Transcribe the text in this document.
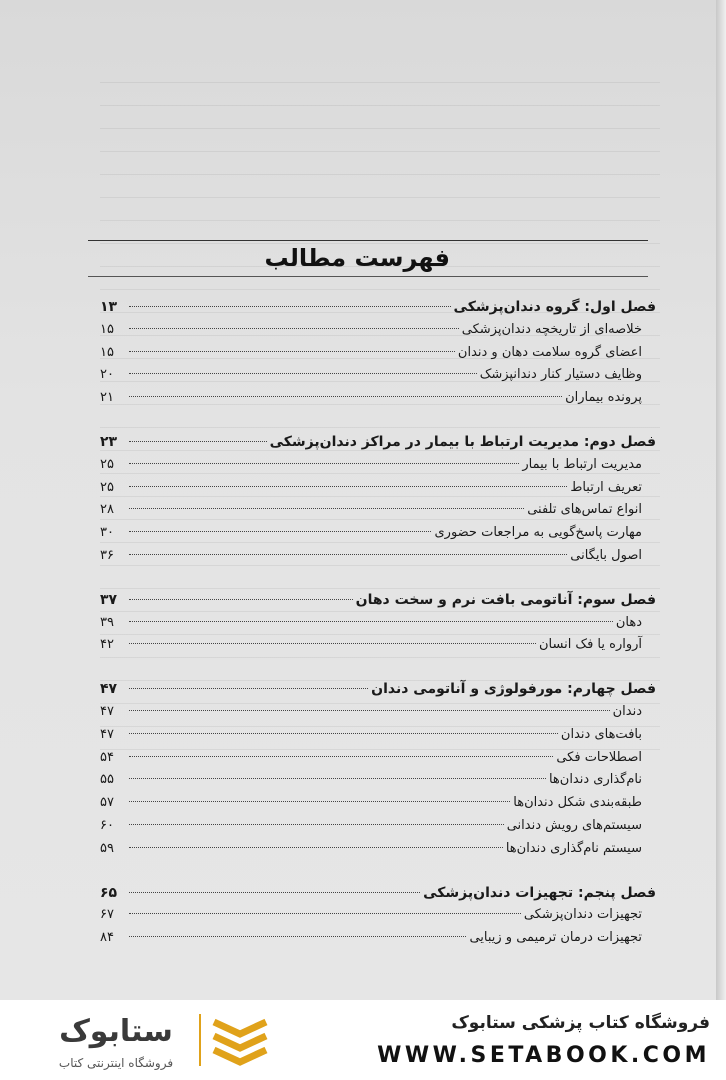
فهرست مطالب
فصل اول: گروه دندان‌پزشکی
۱۳
خلاصه‌ای از تاریخچه دندان‌پزشکی
۱۵
اعضای گروه سلامت دهان و دندان
۱۵
وظایف دستیار کنار دندانپزشک
۲۰
پرونده بیماران
۲۱
فصل دوم: مدیریت ارتباط با بیمار در مراکز دندان‌پزشکی
۲۳
مدیریت ارتباط با بیمار
۲۵
تعریف ارتباط
۲۵
انواع تماس‌های تلفنی
۲۸
مهارت پاسخ‌گویی به مراجعات حضوری
۳۰
اصول بایگانی
۳۶
فصل سوم: آناتومی بافت نرم و سخت دهان
۳۷
دهان
۳۹
آرواره یا فک انسان
۴۲
فصل چهارم: مورفولوژی و آناتومی دندان
۴۷
دندان
۴۷
بافت‌های دندان
۴۷
اصطلاحات فکی
۵۴
نام‌گذاری دندان‌ها
۵۵
طبقه‌بندی شکل دندان‌ها
۵۷
سیستم‌های رویش دندانی
۶۰
سیستم نام‌گذاری دندان‌ها
۵۹
فصل پنجم: تجهیزات دندان‌پزشکی
۶۵
تجهیزات دندان‌پزشکی
۶۷
تجهیزات درمان ترمیمی و زیبایی
۸۴
ستابوک
فروشگاه اینترنتی کتاب
فروشگاه کتاب پزشکی ستابوک
WWW.SETABOOK.COM
